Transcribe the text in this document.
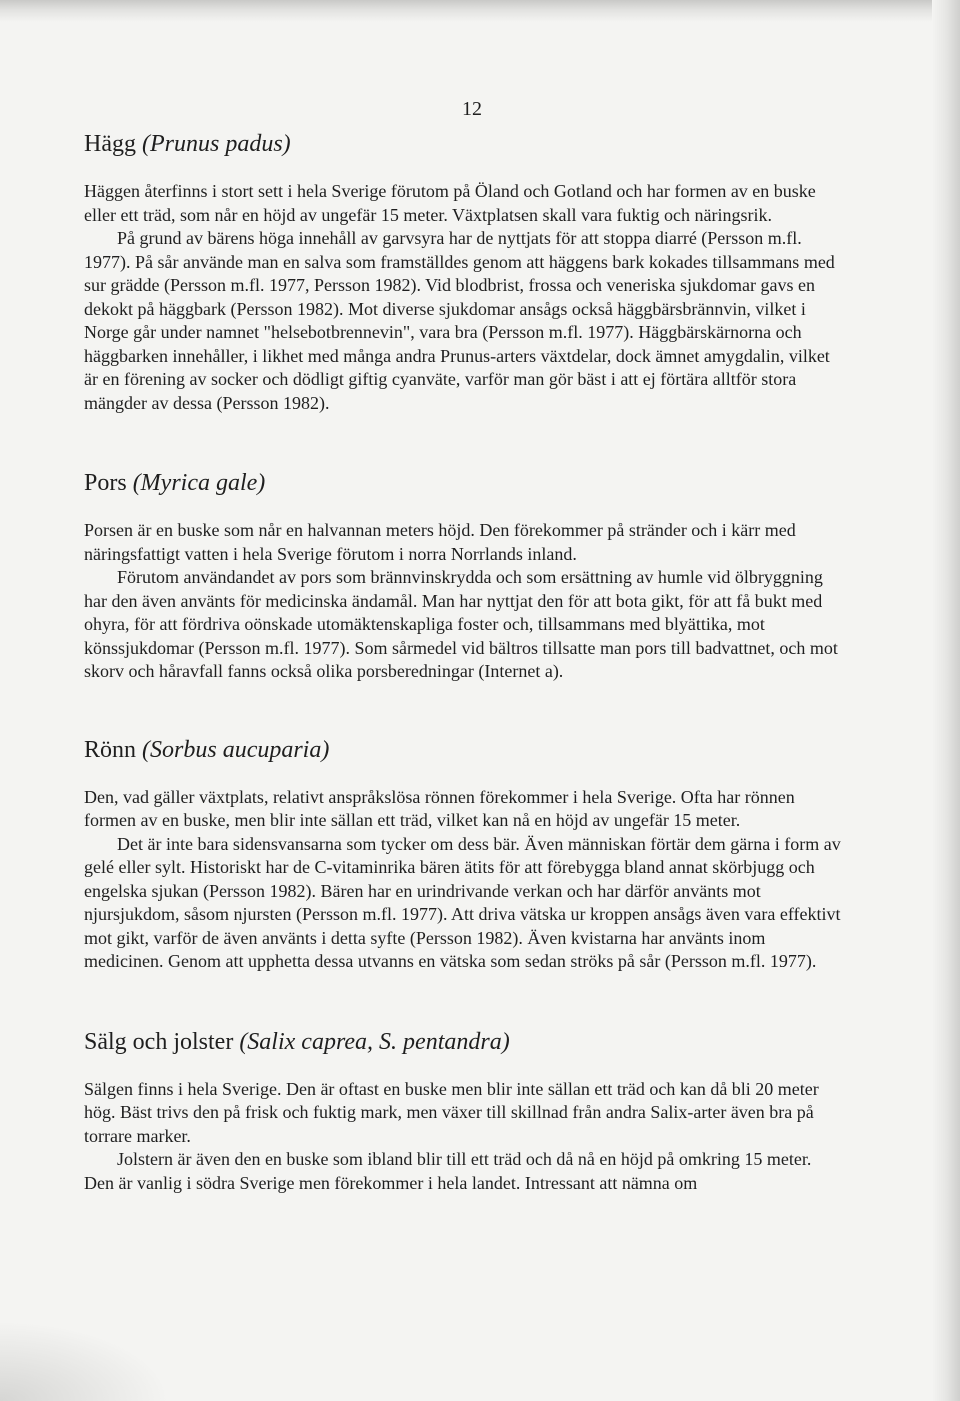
12

Hägg (Prunus padus)

Häggen återfinns i stort sett i hela Sverige förutom på Öland och Gotland och har formen av en buske eller ett träd, som når en höjd av ungefär 15 meter. Växtplatsen skall vara fuktig och näringsrik.

På grund av bärens höga innehåll av garvsyra har de nyttjats för att stoppa diarré (Persson m.fl. 1977). På sår använde man en salva som framställdes genom att häggens bark kokades tillsammans med sur grädde (Persson m.fl. 1977, Persson 1982). Vid blodbrist, frossa och veneriska sjukdomar gavs en dekokt på häggbark (Persson 1982). Mot diverse sjukdomar ansågs också häggbärsbrännvin, vilket i Norge går under namnet "helsebotbrennevin", vara bra (Persson m.fl. 1977). Häggbärskärnorna och häggbarken innehåller, i likhet med många andra Prunus-arters växtdelar, dock ämnet amygdalin, vilket är en förening av socker och dödligt giftig cyanväte, varför man gör bäst i att ej förtära alltför stora mängder av dessa (Persson 1982).

Pors (Myrica gale)

Porsen är en buske som når en halvannan meters höjd. Den förekommer på stränder och i kärr med näringsfattigt vatten i hela Sverige förutom i norra Norrlands inland.

Förutom användandet av pors som brännvinskrydda och som ersättning av humle vid ölbryggning har den även använts för medicinska ändamål. Man har nyttjat den för att bota gikt, för att få bukt med ohyra, för att fördriva oönskade utomäktenskapliga foster och, tillsammans med blyättika, mot könssjukdomar (Persson m.fl. 1977). Som sårmedel vid bältros tillsatte man pors till badvattnet, och mot skorv och håravfall fanns också olika porsberedningar (Internet a).

Rönn (Sorbus aucuparia)

Den, vad gäller växtplats, relativt anspråkslösa rönnen förekommer i hela Sverige. Ofta har rönnen formen av en buske, men blir inte sällan ett träd, vilket kan nå en höjd av ungefär 15 meter.

Det är inte bara sidensvansarna som tycker om dess bär. Även människan förtär dem gärna i form av gelé eller sylt. Historiskt har de C-vitaminrika bären ätits för att förebygga bland annat skörbjugg och engelska sjukan (Persson 1982). Bären har en urindrivande verkan och har därför använts mot njursjukdom, såsom njursten (Persson m.fl. 1977). Att driva vätska ur kroppen ansågs även vara effektivt mot gikt, varför de även använts i detta syfte (Persson 1982). Även kvistarna har använts inom medicinen. Genom att upphetta dessa utvanns en vätska som sedan ströks på sår (Persson m.fl. 1977).

Sälg och jolster (Salix caprea, S. pentandra)

Sälgen finns i hela Sverige. Den är oftast en buske men blir inte sällan ett träd och kan då bli 20 meter hög. Bäst trivs den på frisk och fuktig mark, men växer till skillnad från andra Salix-arter även bra på torrare marker.

Jolstern är även den en buske som ibland blir till ett träd och då nå en höjd på omkring 15 meter. Den är vanlig i södra Sverige men förekommer i hela landet. Intressant att nämna om
